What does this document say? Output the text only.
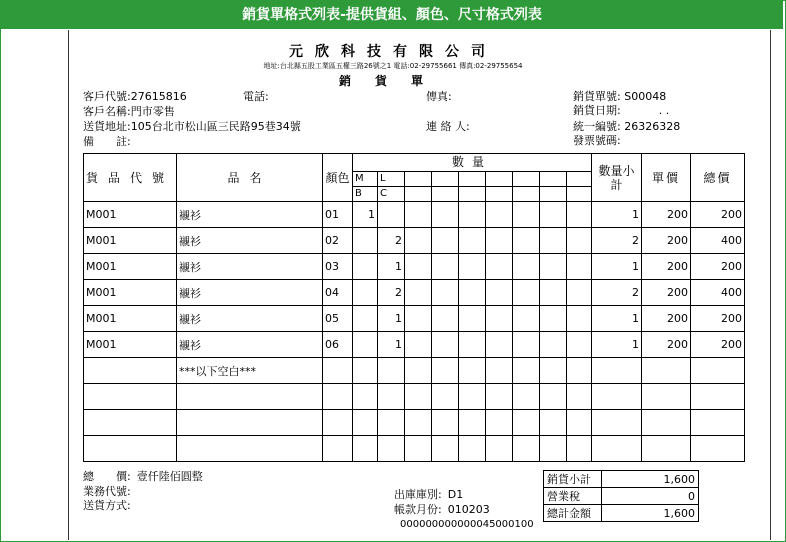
銷貨單格式列表-提供貨組、顏色、尺寸格式列表
元欣科技有限公司
地址:台北縣五股工業區五權三路26號之1 電話:02-29755661 傳真:02-29755654
銷貨單
客戶代號:27615816
客戶名稱:門市零售
送貨地址:105台北市松山區三民路95巷34號
備　　註:
電話:	傳真:
連 絡 人:
銷貨單號: S00048
銷貨日期:	. .
統一編號: 26326328
發票號碼:
貨品代號	品名	顏色	數量									數量小計	單價	總價
			M	L										
			B	C										
M001	襯衫	01	1									1	200	200
M001	襯衫	02		2								2	200	400
M001	襯衫	03		1								1	200	200
M001	襯衫	04		2								2	200	400
M001	襯衫	05		1								1	200	200
M001	襯衫	06		1								1	200	200
	***以下空白***													

總　　價: 壹仟陸佰圓整
業務代號:
送貨方式:
出庫庫別: D1
帳款月份: 010203
000000000000045000100
銷貨小計	1,600
營業稅	0
總計金額	1,600
